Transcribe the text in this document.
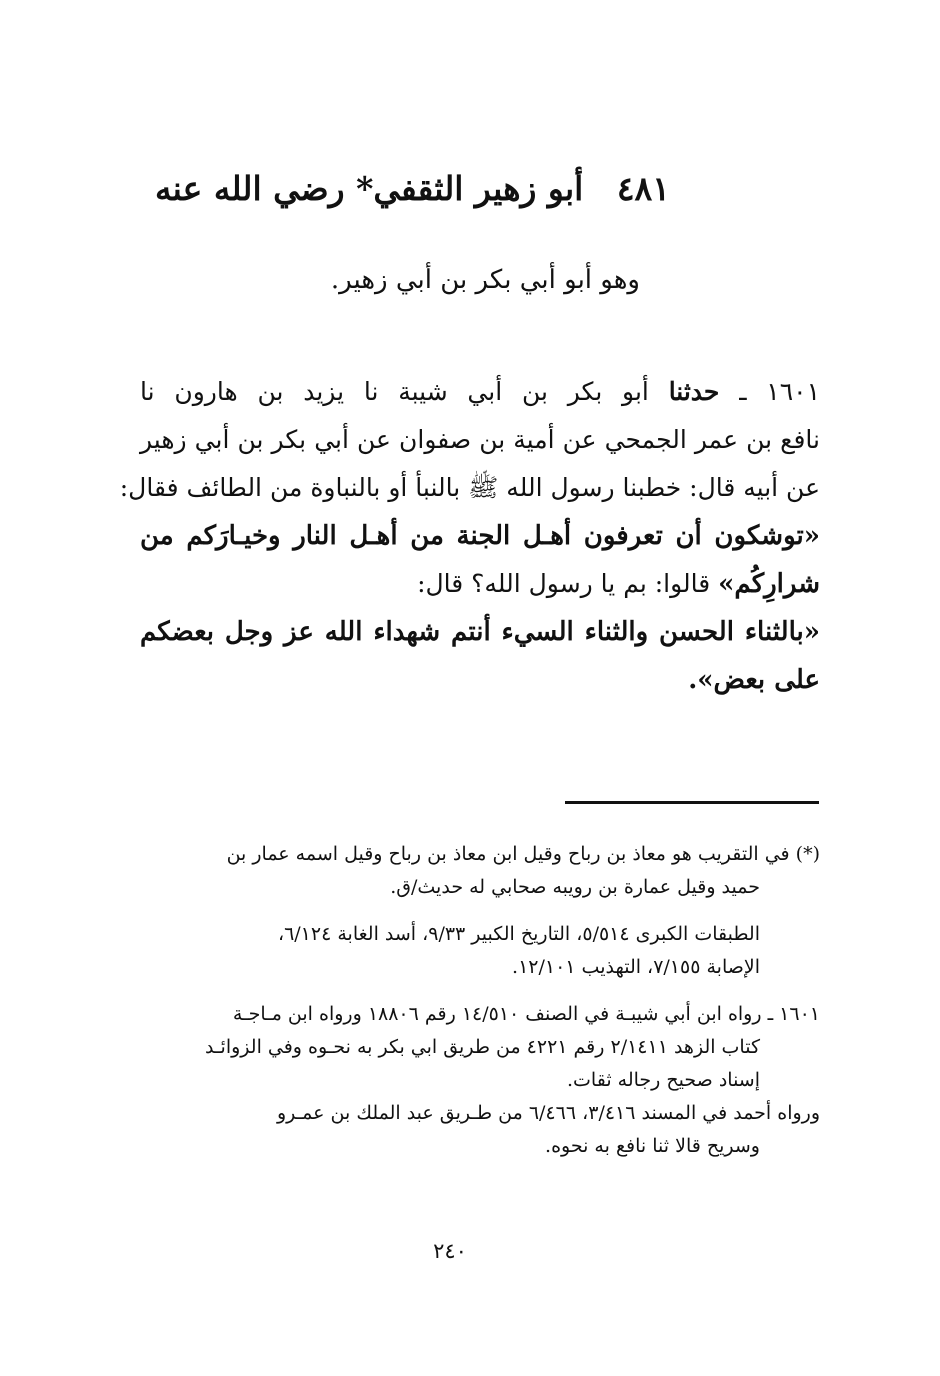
٤٨١ أبو زهير الثقفي* رضي الله عنه
وهو أبو أبي بكر بن أبي زهير.
١٦٠١ ـ حدثنا أبو بكر بن أبي شيبة نا يزيد بن هارون نا
نافع بن عمر الجمحي عن أمية بن صفوان عن أبي بكر بن أبي زهير
عن أبيه قال: خطبنا رسول الله ﷺ بالنبأ أو بالنباوة من الطائف فقال:
«توشكون أن تعرفون أهـل الجنة من أهـل النار وخيـارَكم من
شرارِكُم» قالوا: بم يا رسول الله؟ قال:
«بالثناء الحسن والثناء السيء أنتم شهداء الله عز وجل بعضكم
على بعض».
(*) في التقريب هو معاذ بن رباح وقيل ابن معاذ بن رباح وقيل اسمه عمار بن
حميد وقيل عمارة بن رويبه صحابي له حديث/ق.
الطبقات الكبرى ٥/٥١٤، التاريخ الكبير ٩/٣٣، أسد الغابة ٦/١٢٤،
الإصابة ٧/١٥٥، التهذيب ١٢/١٠١.
١٦٠١ ـ رواه ابن أبي شيبـة في الصنف ١٤/٥١٠ رقم ١٨٨٠٦ ورواه ابن مـاجـة
كتاب الزهد ٢/١٤١١ رقم ٤٢٢١ من طريق ابي بكر به نحـوه وفي الزوائـد
إسناد صحيح رجاله ثقات.
ورواه أحمد في المسند ٣/٤١٦، ٦/٤٦٦ من طـريق عبد الملك بن عمـرو
وسريح قالا ثنا نافع به نحوه.
٢٤٠
